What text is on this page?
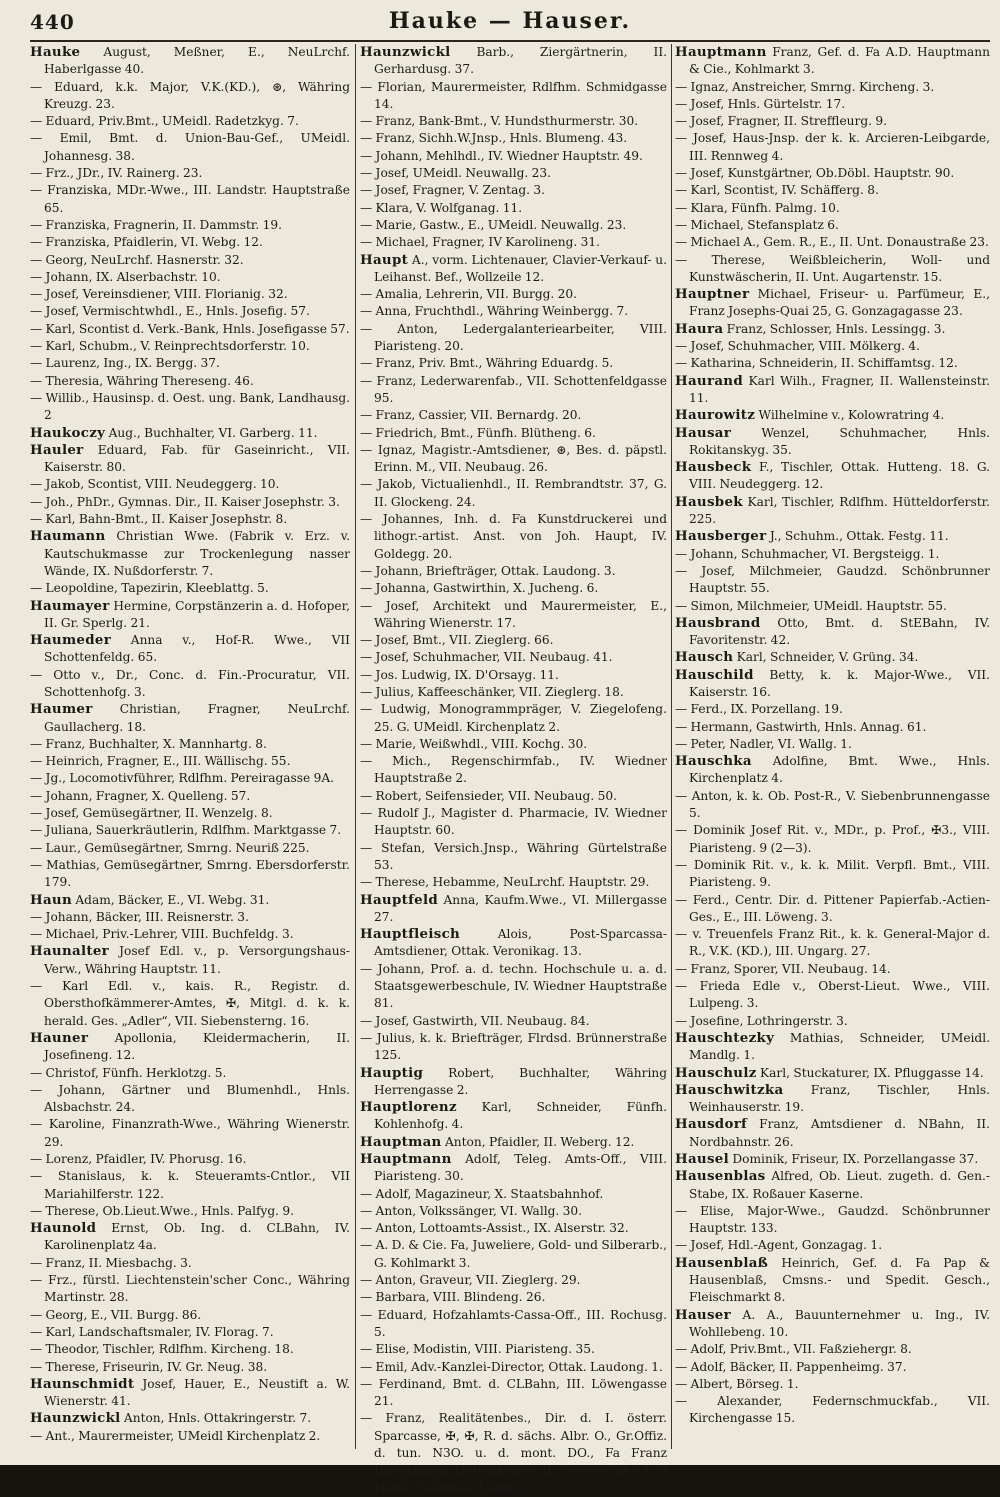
440	Hauke — Hauser.
Hauke August, Meßner, E., NeuLrchf. Haberlgasse 40.
— Eduard, k.k. Major, V.K.(KD.), ⊛, Währing Kreuzg. 23.
— Eduard, Priv.Bmt., UMeidl. Radetzkyg. 7.
— Emil, Bmt. d. Union-Bau-Gef., UMeidl. Johannesg. 38.
— Frz., JDr., IV. Rainerg. 23.
— Franziska, MDr.-Wwe., III. Landstr. Hauptstraße 65.
— Franziska, Fragnerin, II. Dammstr. 19.
— Franziska, Pfaidlerin, VI. Webg. 12.
— Georg, NeuLrchf. Hasnerstr. 32.
— Johann, IX. Alserbachstr. 10.
— Josef, Vereinsdiener, VIII. Florianig. 32.
— Josef, Vermischtwhdl., E., Hnls. Josefig. 57.
— Karl, Scontist d. Verk.-Bank, Hnls. Josefigasse 57.
— Karl, Schubm., V. Reinprechtsdorferstr. 10.
— Laurenz, Ing., IX. Bergg. 37.
— Theresia, Währing Thereseng. 46.
— Willib., Hausinsp. d. Oest. ung. Bank, Landhausg. 2
Haukoczy Aug., Buchhalter, VI. Garberg. 11.
Hauler Eduard, Fab. für Gaseinricht., VII. Kaiserstr. 80.
— Jakob, Scontist, VIII. Neudeggerg. 10.
— Joh., PhDr., Gymnas. Dir., II. Kaiser Josephstr. 3.
— Karl, Bahn-Bmt., II. Kaiser Josephstr. 8.
Haumann Christian Wwe. (Fabrik v. Erz. v. Kautschukmasse zur Trockenlegung nasser Wände, IX. Nußdorferstr. 7.
— Leopoldine, Tapezirin, Kleeblattg. 5.
Haumayer Hermine, Corpstänzerin a. d. Hofoper, II. Gr. Sperlg. 21.
Haumeder Anna v., Hof-R. Wwe., VII Schottenfeldg. 65.
— Otto v., Dr., Conc. d. Fin.-Procuratur, VII. Schottenhofg. 3.
Haumer Christian, Fragner, NeuLrchf. Gaullacherg. 18.
— Franz, Buchhalter, X. Mannhartg. 8.
— Heinrich, Fragner, E., III. Wällischg. 55.
— Jg., Locomotivführer, Rdlfhm. Pereiragasse 9A.
— Johann, Fragner, X. Quelleng. 57.
— Josef, Gemüsegärtner, II. Wenzelg. 8.
— Juliana, Sauerkräutlerin, Rdlfhm. Marktgasse 7.
— Laur., Gemüsegärtner, Smrng. Neuriß 225.
— Mathias, Gemüsegärtner, Smrng. Ebersdorferstr. 179.
Haun Adam, Bäcker, E., VI. Webg. 31.
— Johann, Bäcker, III. Reisnerstr. 3.
— Michael, Priv.-Lehrer, VIII. Buchfeldg. 3.
Haunalter Josef Edl. v., p. Versorgungshaus-Verw., Währing Hauptstr. 11.
— Karl Edl. v., kais. R., Registr. d. Obersthofkämmerer-Amtes, ✠, Mitgl. d. k. k. herald. Ges. „Adler“, VII. Siebensterng. 16.
Hauner Apollonia, Kleidermacherin, II. Josefineng. 12.
— Christof, Fünfh. Herklotzg. 5.
— Johann, Gärtner und Blumenhdl., Hnls. Alsbachstr. 24.
— Karoline, Finanzrath-Wwe., Währing Wienerstr. 29.
— Lorenz, Pfaidler, IV. Phorusg. 16.
— Stanislaus, k. k. Steueramts-Cntlor., VII Mariahilferstr. 122.
— Therese, Ob.Lieut.Wwe., Hnls. Palfyg. 9.
Haunold Ernst, Ob. Ing. d. CLBahn, IV. Karolinenplatz 4a.
— Franz, II. Miesbachg. 3.
— Frz., fürstl. Liechtenstein'scher Conc., Währing Martinstr. 28.
— Georg, E., VII. Burgg. 86.
— Karl, Landschaftsmaler, IV. Florag. 7.
— Theodor, Tischler, Rdlfhm. Kircheng. 18.
— Therese, Friseurin, IV. Gr. Neug. 38.
Haunschmidt Josef, Hauer, E., Neustift a. W. Wienerstr. 41.
Haunzwickl Anton, Hnls. Ottakringerstr. 7.
— Ant., Maurermeister, UMeidl Kirchenplatz 2.
Haunzwickl Barb., Ziergärtnerin, II. Gerhardusg. 37.
— Florian, Maurermeister, Rdlfhm. Schmidgasse 14.
— Franz, Bank-Bmt., V. Hundsthurmerstr. 30.
— Franz, Sichh.W.Jnsp., Hnls. Blumeng. 43.
— Johann, Mehlhdl., IV. Wiedner Hauptstr. 49.
— Josef, UMeidl. Neuwallg. 23.
— Josef, Fragner, V. Zentag. 3.
— Klara, V. Wolfganag. 11.
— Marie, Gastw., E., UMeidl. Neuwallg. 23.
— Michael, Fragner, IV Karolineng. 31.
Haupt A., vorm. Lichtenauer, Clavier-Verkauf- u. Leihanst. Bef., Wollzeile 12.
— Amalia, Lehrerin, VII. Burgg. 20.
— Anna, Fruchthdl., Währing Weinbergg. 7.
— Anton, Ledergalanteriearbeiter, VIII. Piaristeng. 20.
— Franz, Priv. Bmt., Währing Eduardg. 5.
— Franz, Lederwarenfab., VII. Schottenfeldgasse 95.
— Franz, Cassier, VII. Bernardg. 20.
— Friedrich, Bmt., Fünfh. Blütheng. 6.
— Ignaz, Magistr.-Amtsdiener, ⊛, Bes. d. päpstl. Erinn. M., VII. Neubaug. 26.
— Jakob, Victualienhdl., II. Rembrandtstr. 37, G. II. Glockeng. 24.
— Johannes, Inh. d. Fa Kunstdruckerei und lithogr.-artist. Anst. von Joh. Haupt, IV. Goldegg. 20.
— Johann, Briefträger, Ottak. Laudong. 3.
— Johanna, Gastwirthin, X. Jucheng. 6.
— Josef, Architekt und Maurermeister, E., Währing Wienerstr. 17.
— Josef, Bmt., VII. Zieglerg. 66.
— Josef, Schuhmacher, VII. Neubaug. 41.
— Jos. Ludwig, IX. D'Orsayg. 11.
— Julius, Kaffeeschänker, VII. Zieglerg. 18.
— Ludwig, Monogrammpräger, V. Ziegelofeng. 25. G. UMeidl. Kirchenplatz 2.
— Marie, Weißwhdl., VIII. Kochg. 30.
— Mich., Regenschirmfab., IV. Wiedner Hauptstraße 2.
— Robert, Seifensieder, VII. Neubaug. 50.
— Rudolf J., Magister d. Pharmacie, IV. Wiedner Hauptstr. 60.
— Stefan, Versich.Jnsp., Währing Gürtelstraße 53.
— Therese, Hebamme, NeuLrchf. Hauptstr. 29.
Hauptfeld Anna, Kaufm.Wwe., VI. Millergasse 27.
Hauptfleisch	Alois, Post-Sparcassa-Amtsdiener, Ottak. Veronikag. 13.
— Johann, Prof. a. d. techn. Hochschule u. a. d. Staatsgewerbeschule, IV. Wiedner Hauptstraße 81.
— Josef, Gastwirth, VII. Neubaug. 84.
— Julius, k. k. Briefträger, Flrdsd. Brünnerstraße 125.
Hauptig Robert, Buchhalter, Währing Herrengasse 2.
Hauptlorenz Karl, Schneider, Fünfh. Kohlenhofg. 4.
Hauptman Anton, Pfaidler, II. Weberg. 12.
Hauptmann Adolf, Teleg. Amts-Off., VIII. Piaristeng. 30.
— Adolf, Magazineur, X. Staatsbahnhof.
— Anton, Volkssänger, VI. Wallg. 30.
— Anton, Lottoamts-Assist., IX. Alserstr. 32.
— A. D. & Cie. Fa, Juweliere, Gold- und Silberarb., G. Kohlmarkt 3.
— Anton, Graveur, VII. Zieglerg. 29.
— Barbara, VIII. Blindeng. 26.
— Eduard, Hofzahlamts-Cassa-Off., III. Rochusg. 5.
— Elise, Modistin, VIII. Piaristeng. 35.
— Emil, Adv.-Kanzlei-Director, Ottak. Laudong. 1.
— Ferdinand, Bmt. d. CLBahn, III. Löwengasse 21.
— Franz, Realitätenbes., Dir. d. I. österr. Sparcasse, ✠, ✠, R. d. sächs. Albr. O., Gr.Offiz. d. tun. N3O. u. d. mont. DO., Fa Franz Hauptmann, Hotelpächter, II. Praterstraße 7, G Hotel „Goldenes Lamm“.
Hauptmann Franz, Gef. d. Fa A.D. Hauptmann & Cie., Kohlmarkt 3.
— Ignaz, Anstreicher, Smrng. Kircheng. 3.
— Josef, Hnls. Gürtelstr. 17.
— Josef, Fragner, II. Streffleurg. 9.
— Josef, Haus-Jnsp. der k. k. Arcieren-Leibgarde, III. Rennweg 4.
— Josef, Kunstgärtner, Ob.Döbl. Hauptstr. 90.
— Karl, Scontist, IV. Schäfferg. 8.
— Klara, Fünfh. Palmg. 10.
— Michael, Stefansplatz 6.
— Michael A., Gem. R., E., II. Unt. Donaustraße 23.
— Therese, Weißbleicherin, Woll- und Kunstwäscherin, II. Unt. Augartenstr. 15.
Hauptner Michael, Friseur- u. Parfümeur, E., Franz Josephs-Quai 25, G. Gonzagagasse 23.
Haura Franz, Schlosser, Hnls. Lessingg. 3.
— Josef, Schuhmacher, VIII. Mölkerg. 4.
— Katharina, Schneiderin, II. Schiffamtsg. 12.
Haurand Karl Wilh., Fragner, II. Wallensteinstr. 11.
Haurowitz Wilhelmine v., Kolowratring 4.
Hausar Wenzel, Schuhmacher, Hnls. Rokitanskyg. 35.
Hausbeck F., Tischler, Ottak. Hutteng. 18. G. VIII. Neudeggerg. 12.
Hausbek Karl, Tischler, Rdlfhm. Hütteldorferstr. 225.
Hausberger J., Schuhm., Ottak. Festg. 11.
— Johann, Schuhmacher, VI. Bergsteigg. 1.
— Josef, Milchmeier, Gaudzd. Schönbrunner Hauptstr. 55.
— Simon, Milchmeier, UMeidl. Hauptstr. 55.
Hausbrand Otto, Bmt. d. StEBahn, IV. Favoritenstr. 42.
Hausch Karl, Schneider, V. Grüng. 34.
Hauschild Betty, k. k. Major-Wwe., VII. Kaiserstr. 16.
— Ferd., IX. Porzellang. 19.
— Hermann, Gastwirth, Hnls. Annag. 61.
— Peter, Nadler, VI. Wallg. 1.
Hauschka Adolfine, Bmt. Wwe., Hnls. Kirchenplatz 4.
— Anton, k. k. Ob. Post-R., V. Siebenbrunnengasse 5.
— Dominik Josef Rit. v., MDr., p. Prof., ✠3., VIII. Piaristeng. 9 (2—3).
— Dominik Rit. v., k. k. Milit. Verpfl. Bmt., VIII. Piaristeng. 9.
— Ferd., Centr. Dir. d. Pittener Papierfab.-Actien-Ges., E., III. Löweng. 3.
— v. Treuenfels Franz Rit., k. k. General-Major d. R., V.K. (KD.), III. Ungarg. 27.
— Franz, Sporer, VII. Neubaug. 14.
— Frieda Edle v., Oberst-Lieut. Wwe., VIII. Lulpeng. 3.
— Josefine, Lothringerstr. 3.
Hauschtezky Mathias, Schneider, UMeidl. Mandlg. 1.
Hauschulz Karl, Stuckaturer, IX. Pfluggasse 14.
Hauschwitzka Franz, Tischler, Hnls. Weinhauserstr. 19.
Hausdorf Franz, Amtsdiener d. NBahn, II. Nordbahnstr. 26.
Hausel Dominik, Friseur, IX. Porzellangasse 37.
Hausenblas Alfred, Ob. Lieut. zugeth. d. Gen.-Stabe, IX. Roßauer Kaserne.
— Elise, Major-Wwe., Gaudzd. Schönbrunner Hauptstr. 133.
— Josef, Hdl.-Agent, Gonzagag. 1.
Hausenblaß Heinrich, Gef. d. Fa Pap & Hausenblaß, Cmsns.- und Spedit. Gesch., Fleischmarkt 8.
Hauser A. A., Bauunternehmer u. Ing., IV. Wohllebeng. 10.
— Adolf, Priv.Bmt., VII. Faßziehergr. 8.
— Adolf, Bäcker, II. Pappenheimg. 37.
— Albert, Börseg. 1.
— Alexander, Federnschmuckfab., VII. Kirchengasse 15.
